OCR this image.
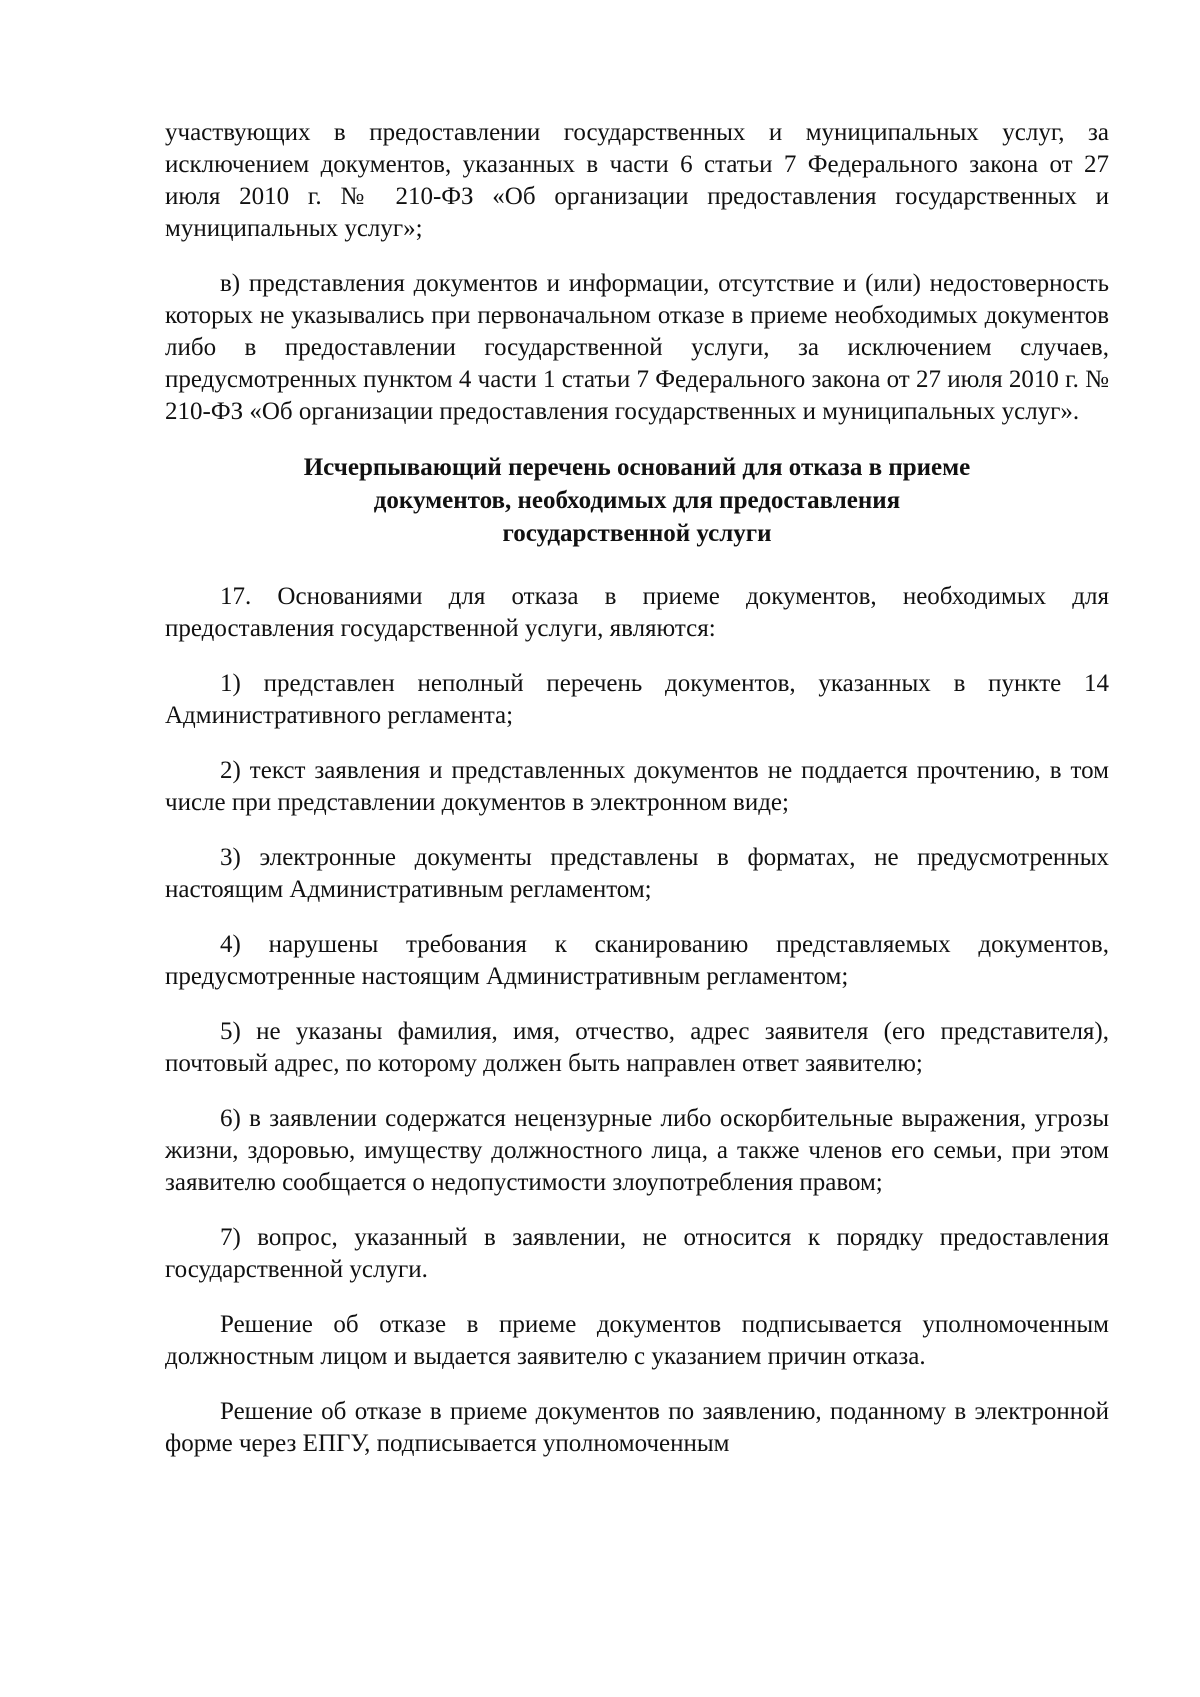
участвующих в предоставлении государственных и муниципальных услуг, за исключением документов, указанных в части 6 статьи 7 Федерального закона от 27 июля 2010 г. № 210-ФЗ «Об организации предоставления государственных и муниципальных услуг»;

в) представления документов и информации, отсутствие и (или) недостоверность которых не указывались при первоначальном отказе в приеме необходимых документов либо в предоставлении государственной услуги, за исключением случаев, предусмотренных пунктом 4 части 1 статьи 7 Федерального закона от 27 июля 2010 г. № 210-ФЗ «Об организации предоставления государственных и муниципальных услуг».

Исчерпывающий перечень оснований для отказа в приеме
документов, необходимых для предоставления
государственной услуги

17. Основаниями для отказа в приеме документов, необходимых для предоставления государственной услуги, являются:

1) представлен неполный перечень документов, указанных в пункте 14 Административного регламента;

2) текст заявления и представленных документов не поддается прочтению, в том числе при представлении документов в электронном виде;

3) электронные документы представлены в форматах, не предусмотренных настоящим Административным регламентом;

4) нарушены требования к сканированию представляемых документов, предусмотренные настоящим Административным регламентом;

5) не указаны фамилия, имя, отчество, адрес заявителя (его представителя), почтовый адрес, по которому должен быть направлен ответ заявителю;

6) в заявлении содержатся нецензурные либо оскорбительные выражения, угрозы жизни, здоровью, имуществу должностного лица, а также членов его семьи, при этом заявителю сообщается о недопустимости злоупотребления правом;

7) вопрос, указанный в заявлении, не относится к порядку предоставления государственной услуги.

Решение об отказе в приеме документов подписывается уполномоченным должностным лицом и выдается заявителю с указанием причин отказа.

Решение об отказе в приеме документов по заявлению, поданному в электронной форме через ЕПГУ, подписывается уполномоченным
